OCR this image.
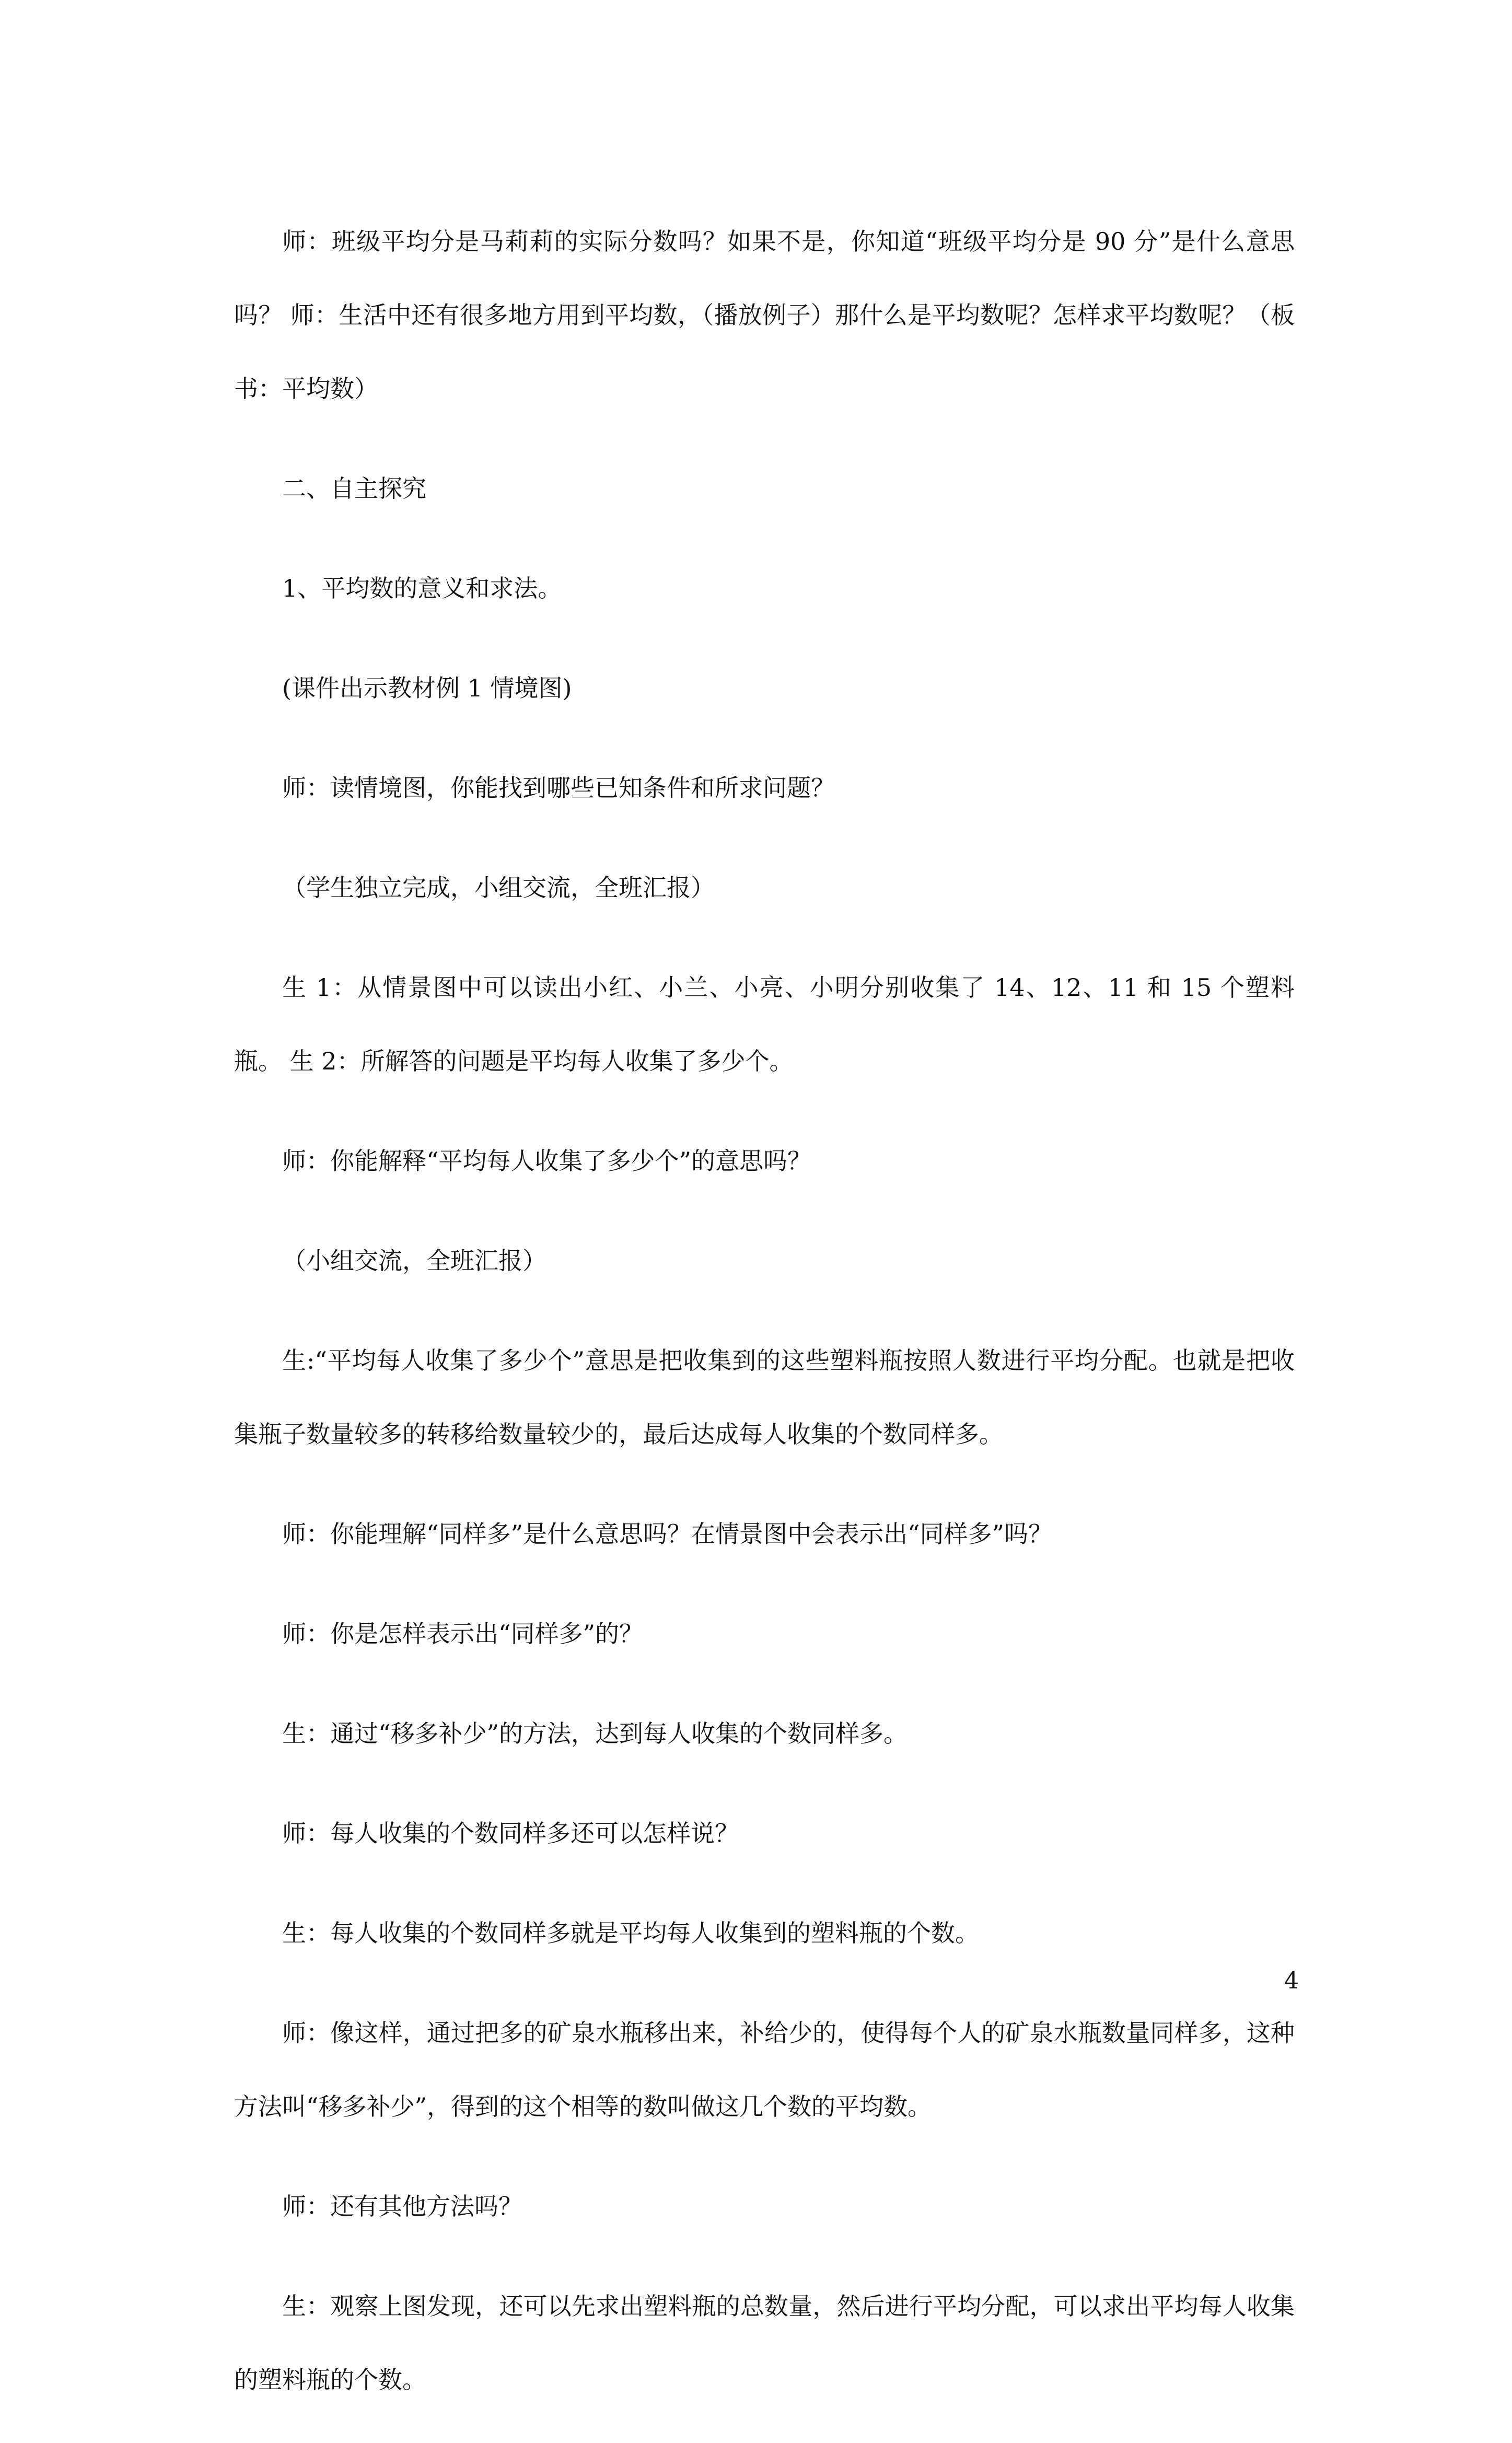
师：班级平均分是马莉莉的实际分数吗？如果不是，你知道“班级平均分是 90 分”是什么意思吗？ 师：生活中还有很多地方用到平均数，（播放例子）那什么是平均数呢？怎样求平均数呢？（板书：平均数）

二、自主探究

1、平均数的意义和求法。

(课件出示教材例 1 情境图)

师：读情境图，你能找到哪些已知条件和所求问题？

（学生独立完成，小组交流，全班汇报）

生 1：从情景图中可以读出小红、小兰、小亮、小明分别收集了 14、12、11 和 15 个塑料瓶。 生 2：所解答的问题是平均每人收集了多少个。

师：你能解释“平均每人收集了多少个”的意思吗？

（小组交流，全班汇报）

生:“平均每人收集了多少个”意思是把收集到的这些塑料瓶按照人数进行平均分配。也就是把收集瓶子数量较多的转移给数量较少的，最后达成每人收集的个数同样多。

师：你能理解“同样多”是什么意思吗？在情景图中会表示出“同样多”吗？

师：你是怎样表示出“同样多”的？

生：通过“移多补少”的方法，达到每人收集的个数同样多。

师：每人收集的个数同样多还可以怎样说？

生：每人收集的个数同样多就是平均每人收集到的塑料瓶的个数。

师：像这样，通过把多的矿泉水瓶移出来，补给少的，使得每个人的矿泉水瓶数量同样多，这种方法叫“移多补少”，得到的这个相等的数叫做这几个数的平均数。

师：还有其他方法吗？

生：观察上图发现，还可以先求出塑料瓶的总数量，然后进行平均分配，可以求出平均每人收集的塑料瓶的个数。

4
